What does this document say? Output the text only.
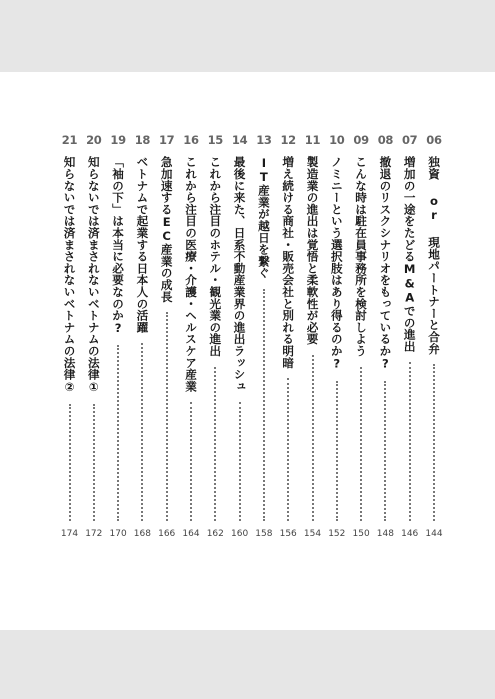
06
独資 or 現地パートナーと合弁
144
07
増加の一途をたどるM&Aでの進出
146
08
撤退のリスクシナリオをもっているか?
148
09
こんな時は駐在員事務所を検討しよう
150
10
ノミニーという選択肢はあり得るのか?
152
11
製造業の進出は覚悟と柔軟性が必要
154
12
増え続ける商社・販売会社と別れる明暗
156
13
IT産業が越日を繋ぐ
158
14
最後に来た、日系不動産業界の進出ラッシュ
160
15
これから注目のホテル・観光業の進出
162
16
これから注目の医療・介護・ヘルスケア産業
164
17
急加速するEC産業の成長
166
18
ベトナムで起業する日本人の活躍
168
19
「袖の下」は本当に必要なのか?
170
20
知らないでは済まされないベトナムの法律①
172
21
知らないでは済まされないベトナムの法律②
174
